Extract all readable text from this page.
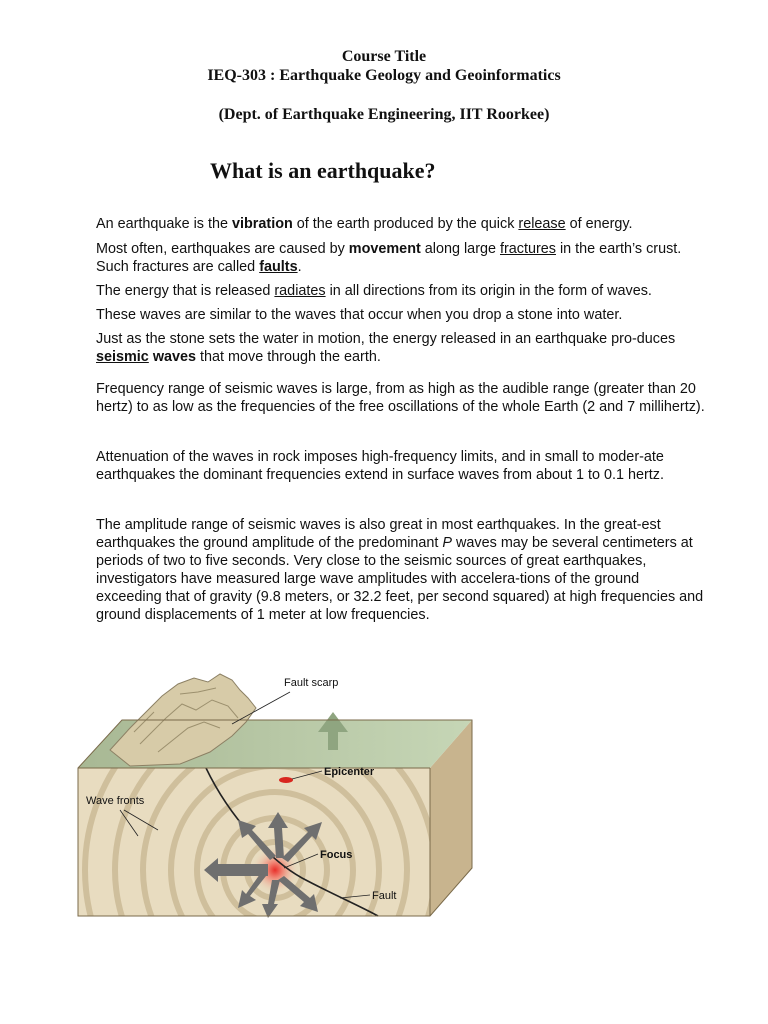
Course Title
IEQ-303 : Earthquake Geology and Geoinformatics
(Dept. of Earthquake Engineering, IIT Roorkee)
What is an earthquake?
An earthquake is the vibration of the earth produced by the quick release of energy.
Most often, earthquakes are caused by movement along large fractures in the earth’s crust. Such fractures are called faults.
The energy that is released radiates in all directions from its origin in the form of waves.
These waves are similar to the waves that occur when you drop a stone into water.
Just as the stone sets the water in motion, the energy released in an earthquake pro-duces seismic waves that move through the earth.
Frequency range of seismic waves is large, from as high as the audible range (greater than 20 hertz) to as low as the frequencies of the free oscillations of the whole Earth (2 and 7 millihertz).
Attenuation of the waves in rock imposes high-frequency limits, and in small to moder-ate earthquakes the dominant frequencies extend in surface waves from about 1 to 0.1 hertz.
The amplitude range of seismic waves is also great in most earthquakes. In the great-est earthquakes the ground amplitude of the predominant P waves may be several centimeters at periods of two to five seconds. Very close to the seismic sources of great earthquakes, investigators have measured large wave amplitudes with accelera-tions of the ground exceeding that of gravity (9.8 meters, or 32.2 feet, per second squared) at high frequencies and ground displacements of 1 meter at low frequencies.
Fault scarp
Epicenter
Wave fronts
Focus
Fault
